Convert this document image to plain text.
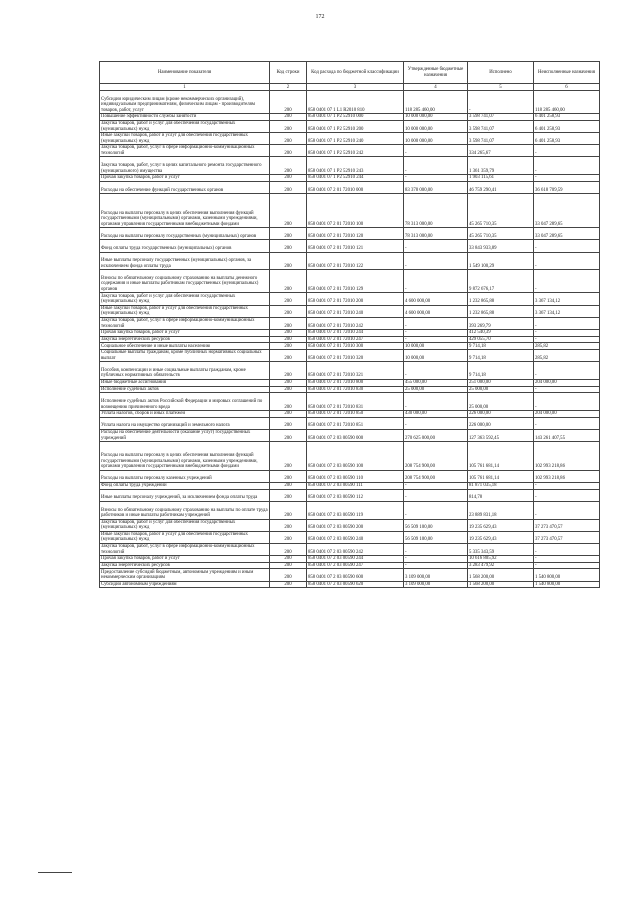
172
Наименование показателя	Код строки	Код расхода по бюджетной классификации	Утвержденные бюджетные назначения	Исполнено	Неисполненные назначения
1	2	3	4	5	6
Субсидии юридическим лицам (кроме некоммерческих организаций), индивидуальным предпринимателям, физическим лицам - производителям товаров, работ, услуг	200	858 0401 07 1 L1 R2010 810	118 285 460,00	-	118 285 460,00
Повышение эффективности службы занятости	200	858 0401 07 1 P2 52910 000	10 000 000,00	3 598 741,07	6 401 258,93
Закупка товаров, работ и услуг для обеспечения государственных (муниципальных) нужд	200	858 0401 07 1 P2 52910 200	10 000 000,00	3 598 741,07	6 401 258,93
Иные закупки товаров, работ и услуг для обеспечения государственных (муниципальных) нужд	200	858 0401 07 1 P2 52910 240	10 000 000,00	3 598 741,07	6 401 258,93
Закупка товаров, работ, услуг в сфере информационно-коммуникационных технологий	200	858 0401 07 1 P2 52910 242	-	334 265,67	-
Закупка товаров, работ, услуг в целях капитального ремонта государственного (муниципального) имущества	200	858 0401 07 1 P2 52910 243	-	1 361 359,79	-
Прочая закупка товаров, работ и услуг	200	858 0401 07 1 P2 52910 244	-	1 903 115,61	-
Расходы на обеспечение функций государственных органов	200	858 0401 07 2 01 72010 000	83 378 000,00	46 759 290,41	36 618 709,59
Расходы на выплаты персоналу в целях обеспечения выполнения функций государственными (муниципальными) органами, казенными учреждениями, органами управления государственными внебюджетными фондами	200	858 0401 07 2 01 72010 100	78 313 000,00	45 265 710,35	33 047 289,65
Расходы на выплаты персоналу государственных (муниципальных) органов	200	858 0401 07 2 01 72010 120	78 313 000,00	45 265 710,35	33 047 289,65
Фонд оплаты труда государственных (муниципальных) органов	200	858 0401 07 2 01 72010 121	-	33 843 933,89	-
Иные выплаты персоналу государственных (муниципальных) органов, за исключением фонда оплаты труда	200	858 0401 07 2 01 72010 122	-	1 549 100,29	-
Взносы по обязательному социальному страхованию на выплаты денежного содержания и иные выплаты работникам государственных (муниципальных) органов	200	858 0401 07 2 01 72010 129	-	9 872 676,17	-
Закупка товаров, работ и услуг для обеспечения государственных (муниципальных) нужд	200	858 0401 07 2 01 72010 200	4 600 000,00	1 232 865,88	3 367 134,12
Иные закупки товаров, работ и услуг для обеспечения государственных (муниципальных) нужд	200	858 0401 07 2 01 72010 240	4 600 000,00	1 232 865,88	3 367 134,12
Закупка товаров, работ, услуг в сфере информационно-коммуникационных технологий	200	858 0401 07 2 01 72010 242	-	393 269,79	-
Прочая закупка товаров, работ и услуг	200	858 0401 07 2 01 72010 244	-	412 540,39	-
Закупка энергетических ресурсов	200	858 0401 07 2 01 72010 247	-	429 055,70	-
Социальное обеспечение и иные выплаты населению	200	858 0401 07 2 01 72010 300	10 000,00	9 714,18	285,82
Социальные выплаты гражданам, кроме публичных нормативных социальных выплат	200	858 0401 07 2 01 72010 320	10 000,00	9 714,18	285,82
Пособия, компенсации и иные социальные выплаты гражданам, кроме публичных нормативных обязательств	200	858 0401 07 2 01 72010 321	-	9 714,18	-
Иные бюджетные ассигнования	200	858 0401 07 2 01 72010 800	455 000,00	251 000,00	204 000,00
Исполнение судебных актов	200	858 0401 07 2 01 72010 830	25 000,00	25 000,00	-
Исполнение судебных актов Российской Федерации и мировых соглашений по возмещению причиненного вреда	200	858 0401 07 2 01 72010 831	-	25 000,00	-
Уплата налогов, сборов и иных платежей	200	858 0401 07 2 01 72010 850	430 000,00	226 000,00	204 000,00
Уплата налога на имущество организаций и земельного налога	200	858 0401 07 2 01 72010 851	-	226 000,00	-
Расходы на обеспечение деятельности (оказание услуг) государственных учреждений	200	858 0401 07 2 03 00590 000	270 625 000,00	127 363 592,45	143 261 407,55
Расходы на выплаты персоналу в целях обеспечения выполнения функций государственными (муниципальными) органами, казенными учреждениями, органами управления государственными внебюджетными фондами	200	858 0401 07 2 03 00590 100	208 754 900,00	105 761 681,14	102 993 218,86
Расходы на выплаты персоналу казенных учреждений	200	858 0401 07 2 03 00590 110	208 754 900,00	105 761 681,14	102 993 218,86
Фонд оплаты труда учреждений	200	858 0401 07 2 03 00590 111	-	81 871 035,18	-
Иные выплаты персоналу учреждений, за исключением фонда оплаты труда	200	858 0401 07 2 03 00590 112	-	814,78	-
Взносы по обязательному социальному страхованию на выплаты по оплате труда работников и иные выплаты работникам учреждений	200	858 0401 07 2 03 00590 119	-	23 889 831,18	-
Закупка товаров, работ и услуг для обеспечения государственных (муниципальных) нужд	200	858 0401 07 2 03 00590 200	56 509 100,00	19 235 629,43	37 273 470,57
Иные закупки товаров, работ и услуг для обеспечения государственных (муниципальных) нужд	200	858 0401 07 2 03 00590 240	56 509 100,00	19 235 629,43	37 273 470,57
Закупка товаров, работ, услуг в сфере информационно-коммуникационных технологий	200	858 0401 07 2 03 00590 242	-	5 335 343,59	-
Прочая закупка товаров, работ и услуг	200	858 0401 07 2 03 00590 244	-	10 616 805,92	-
Закупка энергетических ресурсов	200	858 0401 07 2 03 00590 247	-	3 283 479,92	-
Предоставление субсидий бюджетным, автономным учреждениям и иным некоммерческим организациям	200	858 0401 07 2 03 00590 600	3 109 000,00	1 568 200,00	1 540 800,00
Субсидии автономным учреждениям	200	858 0401 07 2 03 00590 620	3 109 000,00	1 568 200,00	1 540 800,00
